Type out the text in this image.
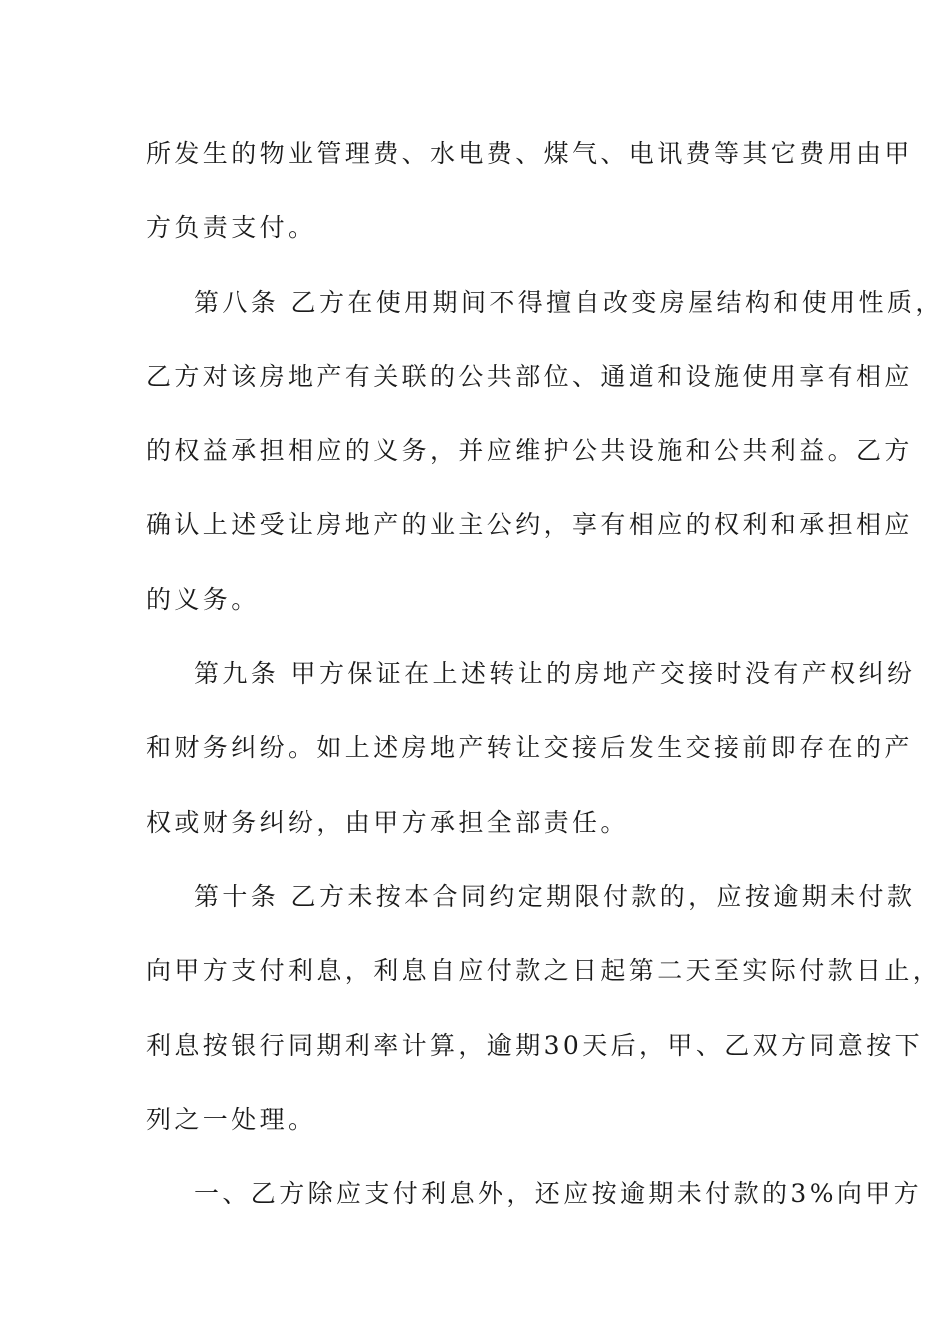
所发生的物业管理费、水电费、煤气、电讯费等其它费用由甲
方负责支付。
第八条 乙方在使用期间不得擅自改变房屋结构和使用性质，
乙方对该房地产有关联的公共部位、通道和设施使用享有相应
的权益承担相应的义务，并应维护公共设施和公共利益。乙方
确认上述受让房地产的业主公约，享有相应的权利和承担相应
的义务。
第九条 甲方保证在上述转让的房地产交接时没有产权纠纷
和财务纠纷。如上述房地产转让交接后发生交接前即存在的产
权或财务纠纷，由甲方承担全部责任。
第十条 乙方未按本合同约定期限付款的，应按逾期未付款
向甲方支付利息，利息自应付款之日起第二天至实际付款日止，
利息按银行同期利率计算，逾期30天后，甲、乙双方同意按下
列之一处理。
一、乙方除应支付利息外，还应按逾期未付款的3%向甲方
